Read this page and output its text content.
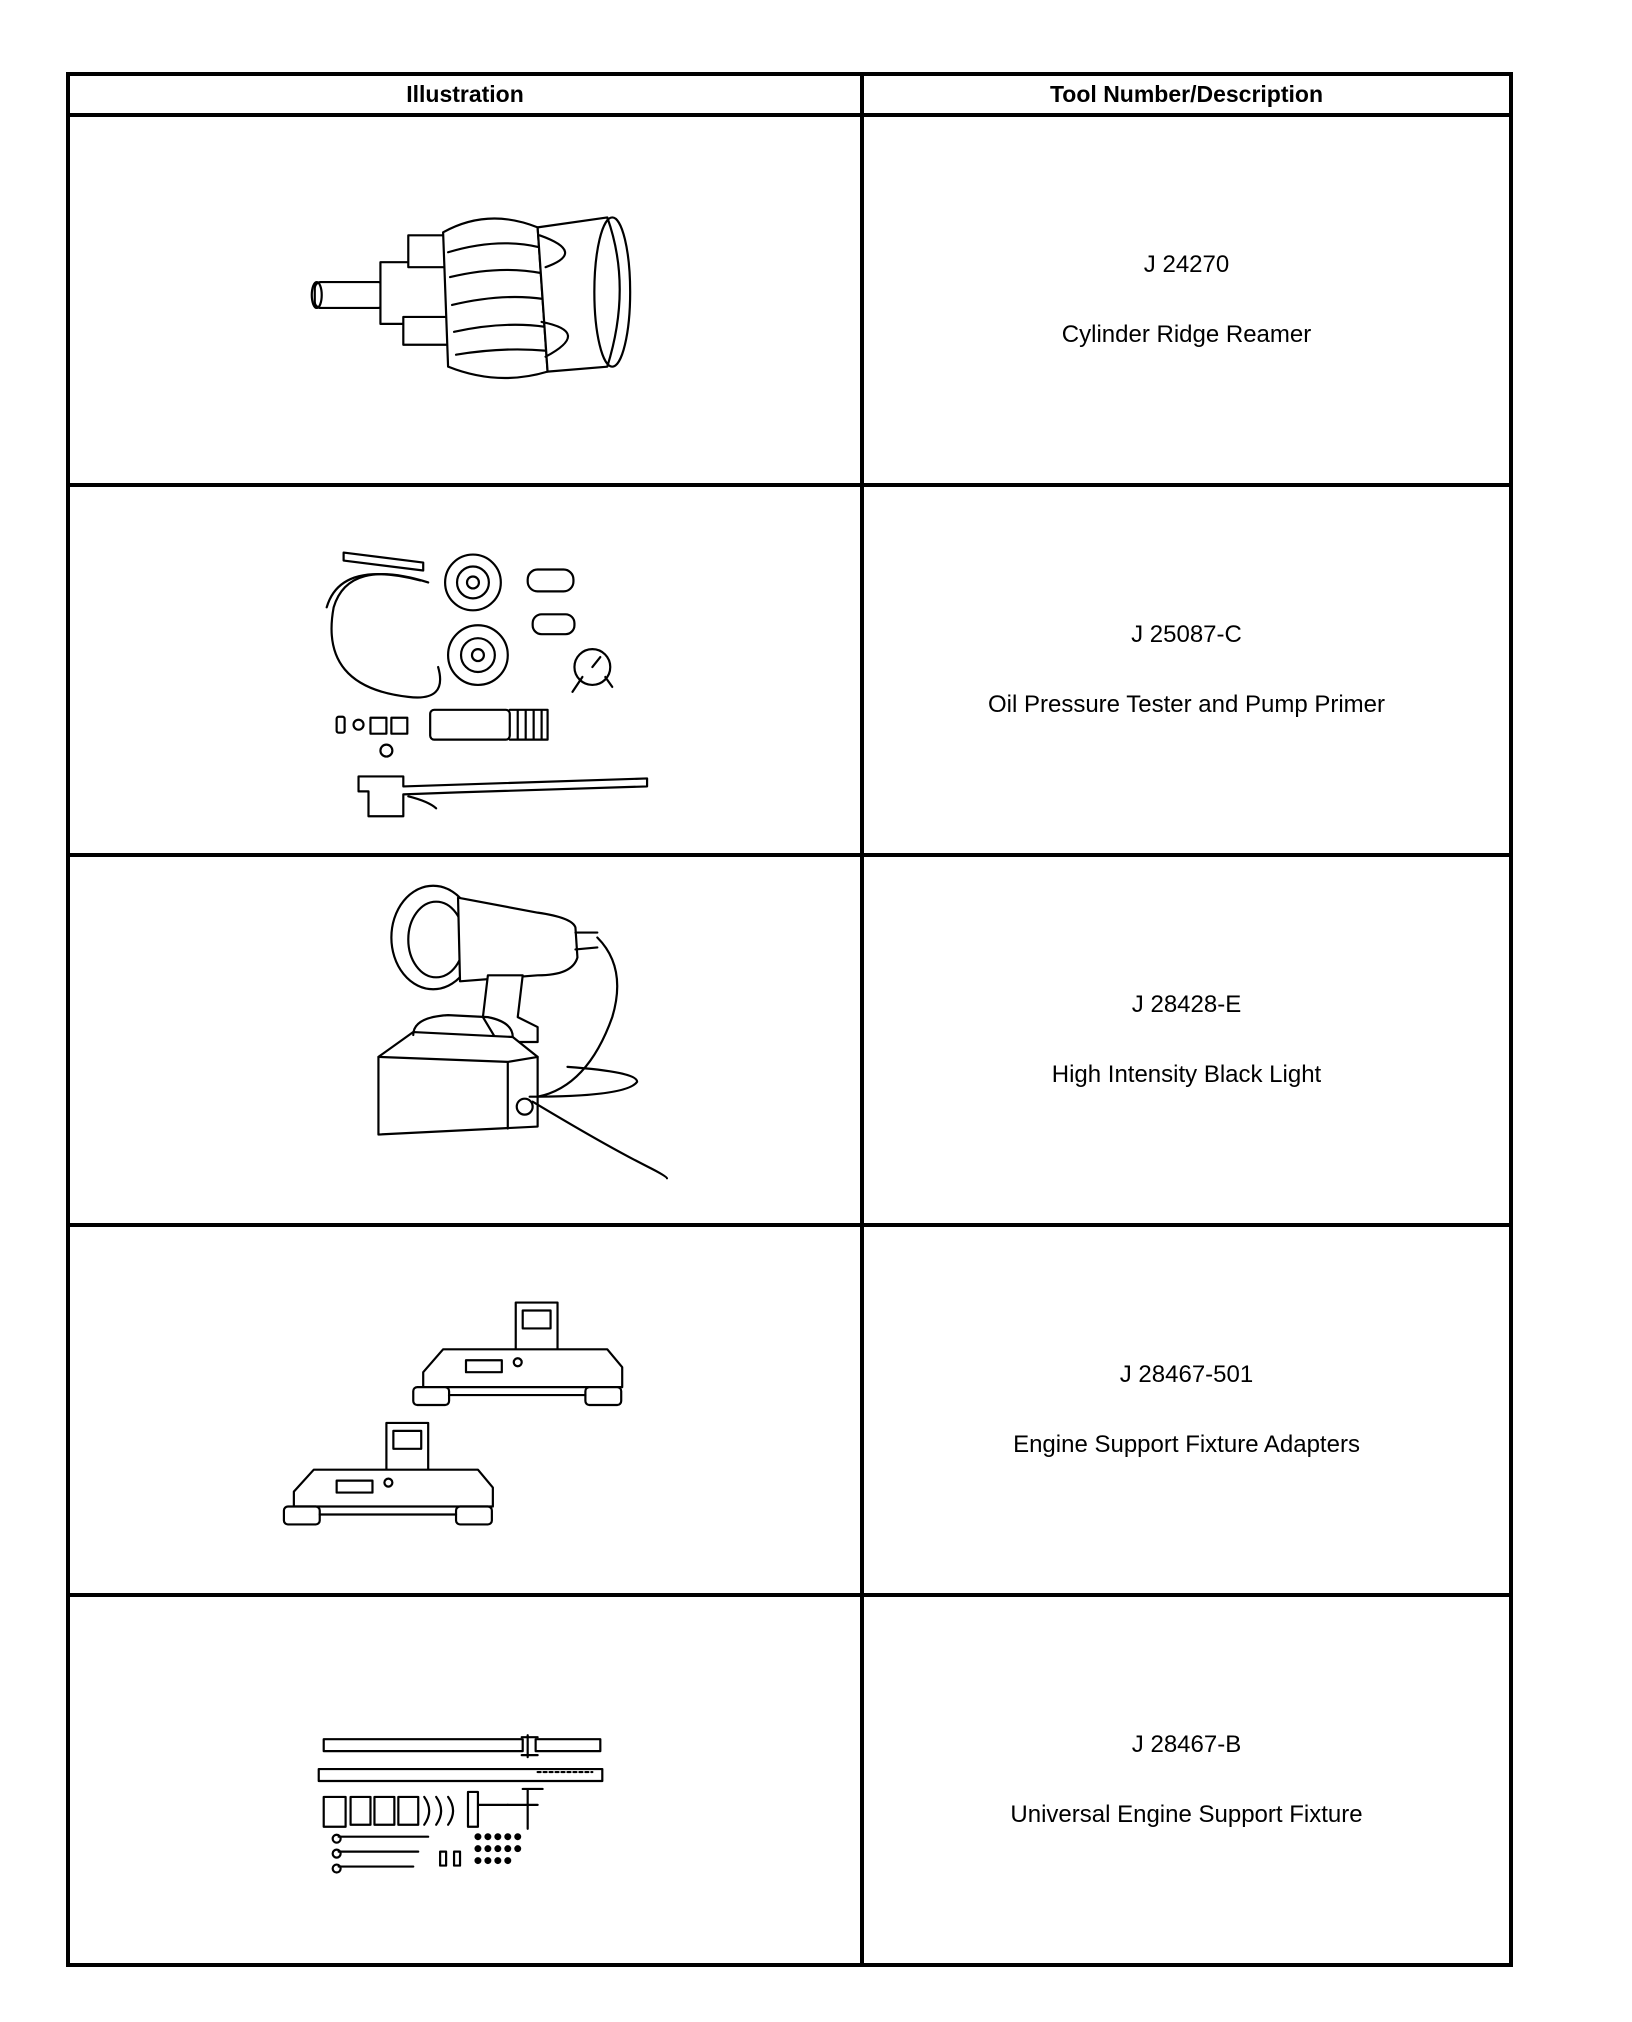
Illustration	Tool Number/Description

J 24270
Cylinder Ridge Reamer

J 25087-C
Oil Pressure Tester and Pump Primer

J 28428-E
High Intensity Black Light

J 28467-501
Engine Support Fixture Adapters

J 28467-B
Universal Engine Support Fixture
